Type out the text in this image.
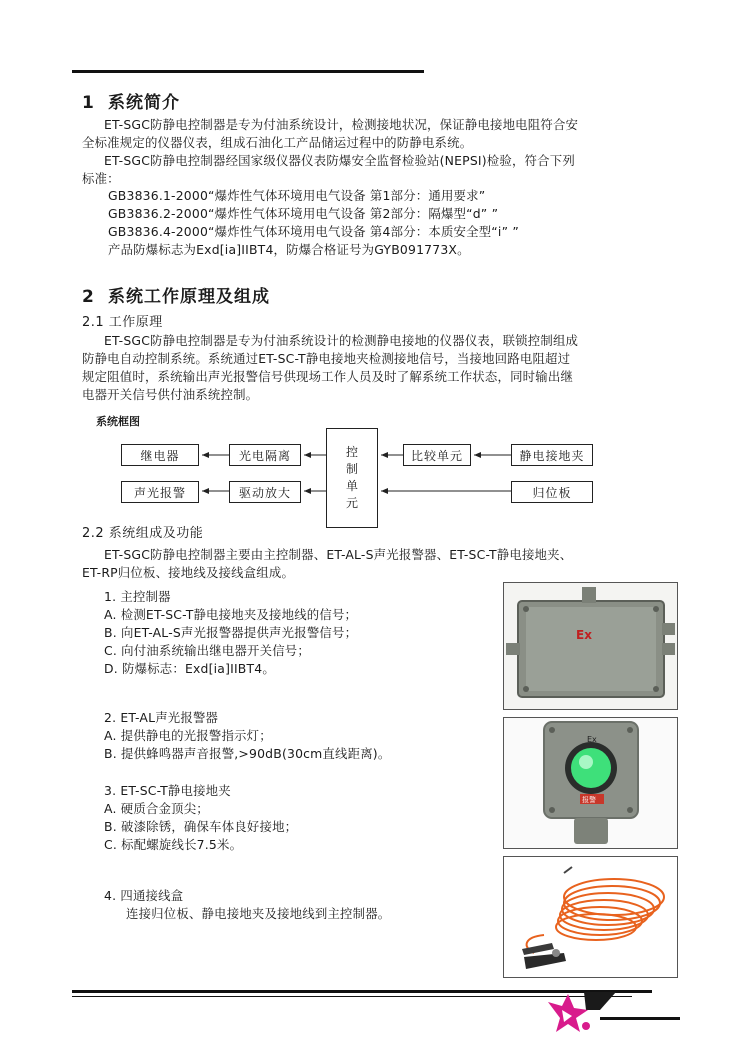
1 系统简介
ET-SGC防静电控制器是专为付油系统设计，检测接地状况，保证静电接地电阻符合安
全标准规定的仪器仪表，组成石油化工产品储运过程中的防静电系统。
ET-SGC防静电控制器经国家级仪器仪表防爆安全监督检验站(NEPSI)检验，符合下列
标准：
GB3836.1-2000“爆炸性气体环境用电气设备 第1部分：通用要求”
GB3836.2-2000“爆炸性气体环境用电气设备 第2部分：隔爆型“d” ”
GB3836.4-2000“爆炸性气体环境用电气设备 第4部分：本质安全型“i” ”
产品防爆标志为Exd[ia]IIBT4，防爆合格证号为GYB091773X。
2 系统工作原理及组成
2.1 工作原理
ET-SGC防静电控制器是专为付油系统设计的检测静电接地的仪器仪表，联锁控制组成
防静电自动控制系统。系统通过ET-SC-T静电接地夹检测接地信号，当接地回路电阻超过
规定阻值时，系统输出声光报警信号供现场工作人员及时了解系统工作状态，同时输出继
电器开关信号供付油系统控制。
系统框图
继电器	光电隔离
声光报警	驱动放大
控
制
单
元
比较单元	静电接地夹
归位板
2.2 系统组成及功能
ET-SGC防静电控制器主要由主控制器、ET-AL-S声光报警器、ET-SC-T静电接地夹、
ET-RP归位板、接地线及接线盒组成。
1. 主控制器
A. 检测ET-SC-T静电接地夹及接地线的信号；
B. 向ET-AL-S声光报警器提供声光报警信号；
C. 向付油系统输出继电器开关信号；
D. 防爆标志：Exd[ia]IIBT4。
2. ET-AL声光报警器
A. 提供静电的光报警指示灯；
B. 提供蜂鸣器声音报警,>90dB(30cm直线距离)。
3. ET-SC-T静电接地夹
A. 硬质合金顶尖；
B. 破漆除锈，确保车体良好接地；
C. 标配螺旋线长7.5米。
4. 四通接线盒
连接归位板、静电接地夹及接地线到主控制器。
Ex
报警
Ex
